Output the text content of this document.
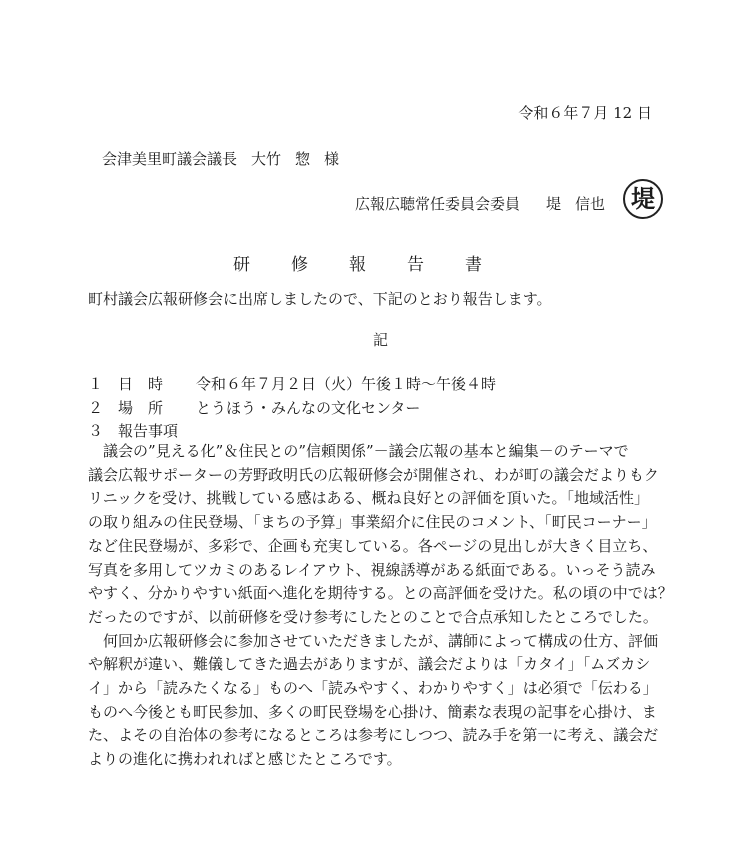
令和６年７月 12 日
会津美里町議会議長 大竹 惣 様
広報広聴常任委員会委員 堤 信也 堤
研修報告書
町村議会広報研修会に出席しましたので、下記のとおり報告します。
記
１ 日　時 令和６年７月２日（火）午後１時～午後４時
２ 場　所 とうほう・みんなの文化センター
３ 報告事項

議会の”見える化”＆住民との”信頼関係”－議会広報の基本と編集－のテーマで

議会広報サポーターの芳野政明氏の広報研修会が開催され、わが町の議会だよりもク

リニックを受け、挑戦している感はある、概ね良好との評価を頂いた。「地域活性」

の取り組みの住民登場、「まちの予算」事業紹介に住民のコメント、「町民コーナー」

など住民登場が、多彩で、企画も充実している。各ページの見出しが大きく目立ち、

写真を多用してツカミのあるレイアウト、視線誘導がある紙面である。いっそう読み

やすく、分かりやすい紙面へ進化を期待する。との高評価を受けた。私の頃の中では？

だったのですが、以前研修を受け参考にしたとのことで合点承知したところでした。

何回か広報研修会に参加させていただきましたが、講師によって構成の仕方、評価

や解釈が違い、難儀してきた過去がありますが、議会だよりは「カタイ」「ムズカシ

イ」から「読みたくなる」ものへ「読みやすく、わかりやすく」は必須で「伝わる」

ものへ今後とも町民参加、多くの町民登場を心掛け、簡素な表現の記事を心掛け、ま

た、よその自治体の参考になるところは参考にしつつ、読み手を第一に考え、議会だ

よりの進化に携われればと感じたところです。
